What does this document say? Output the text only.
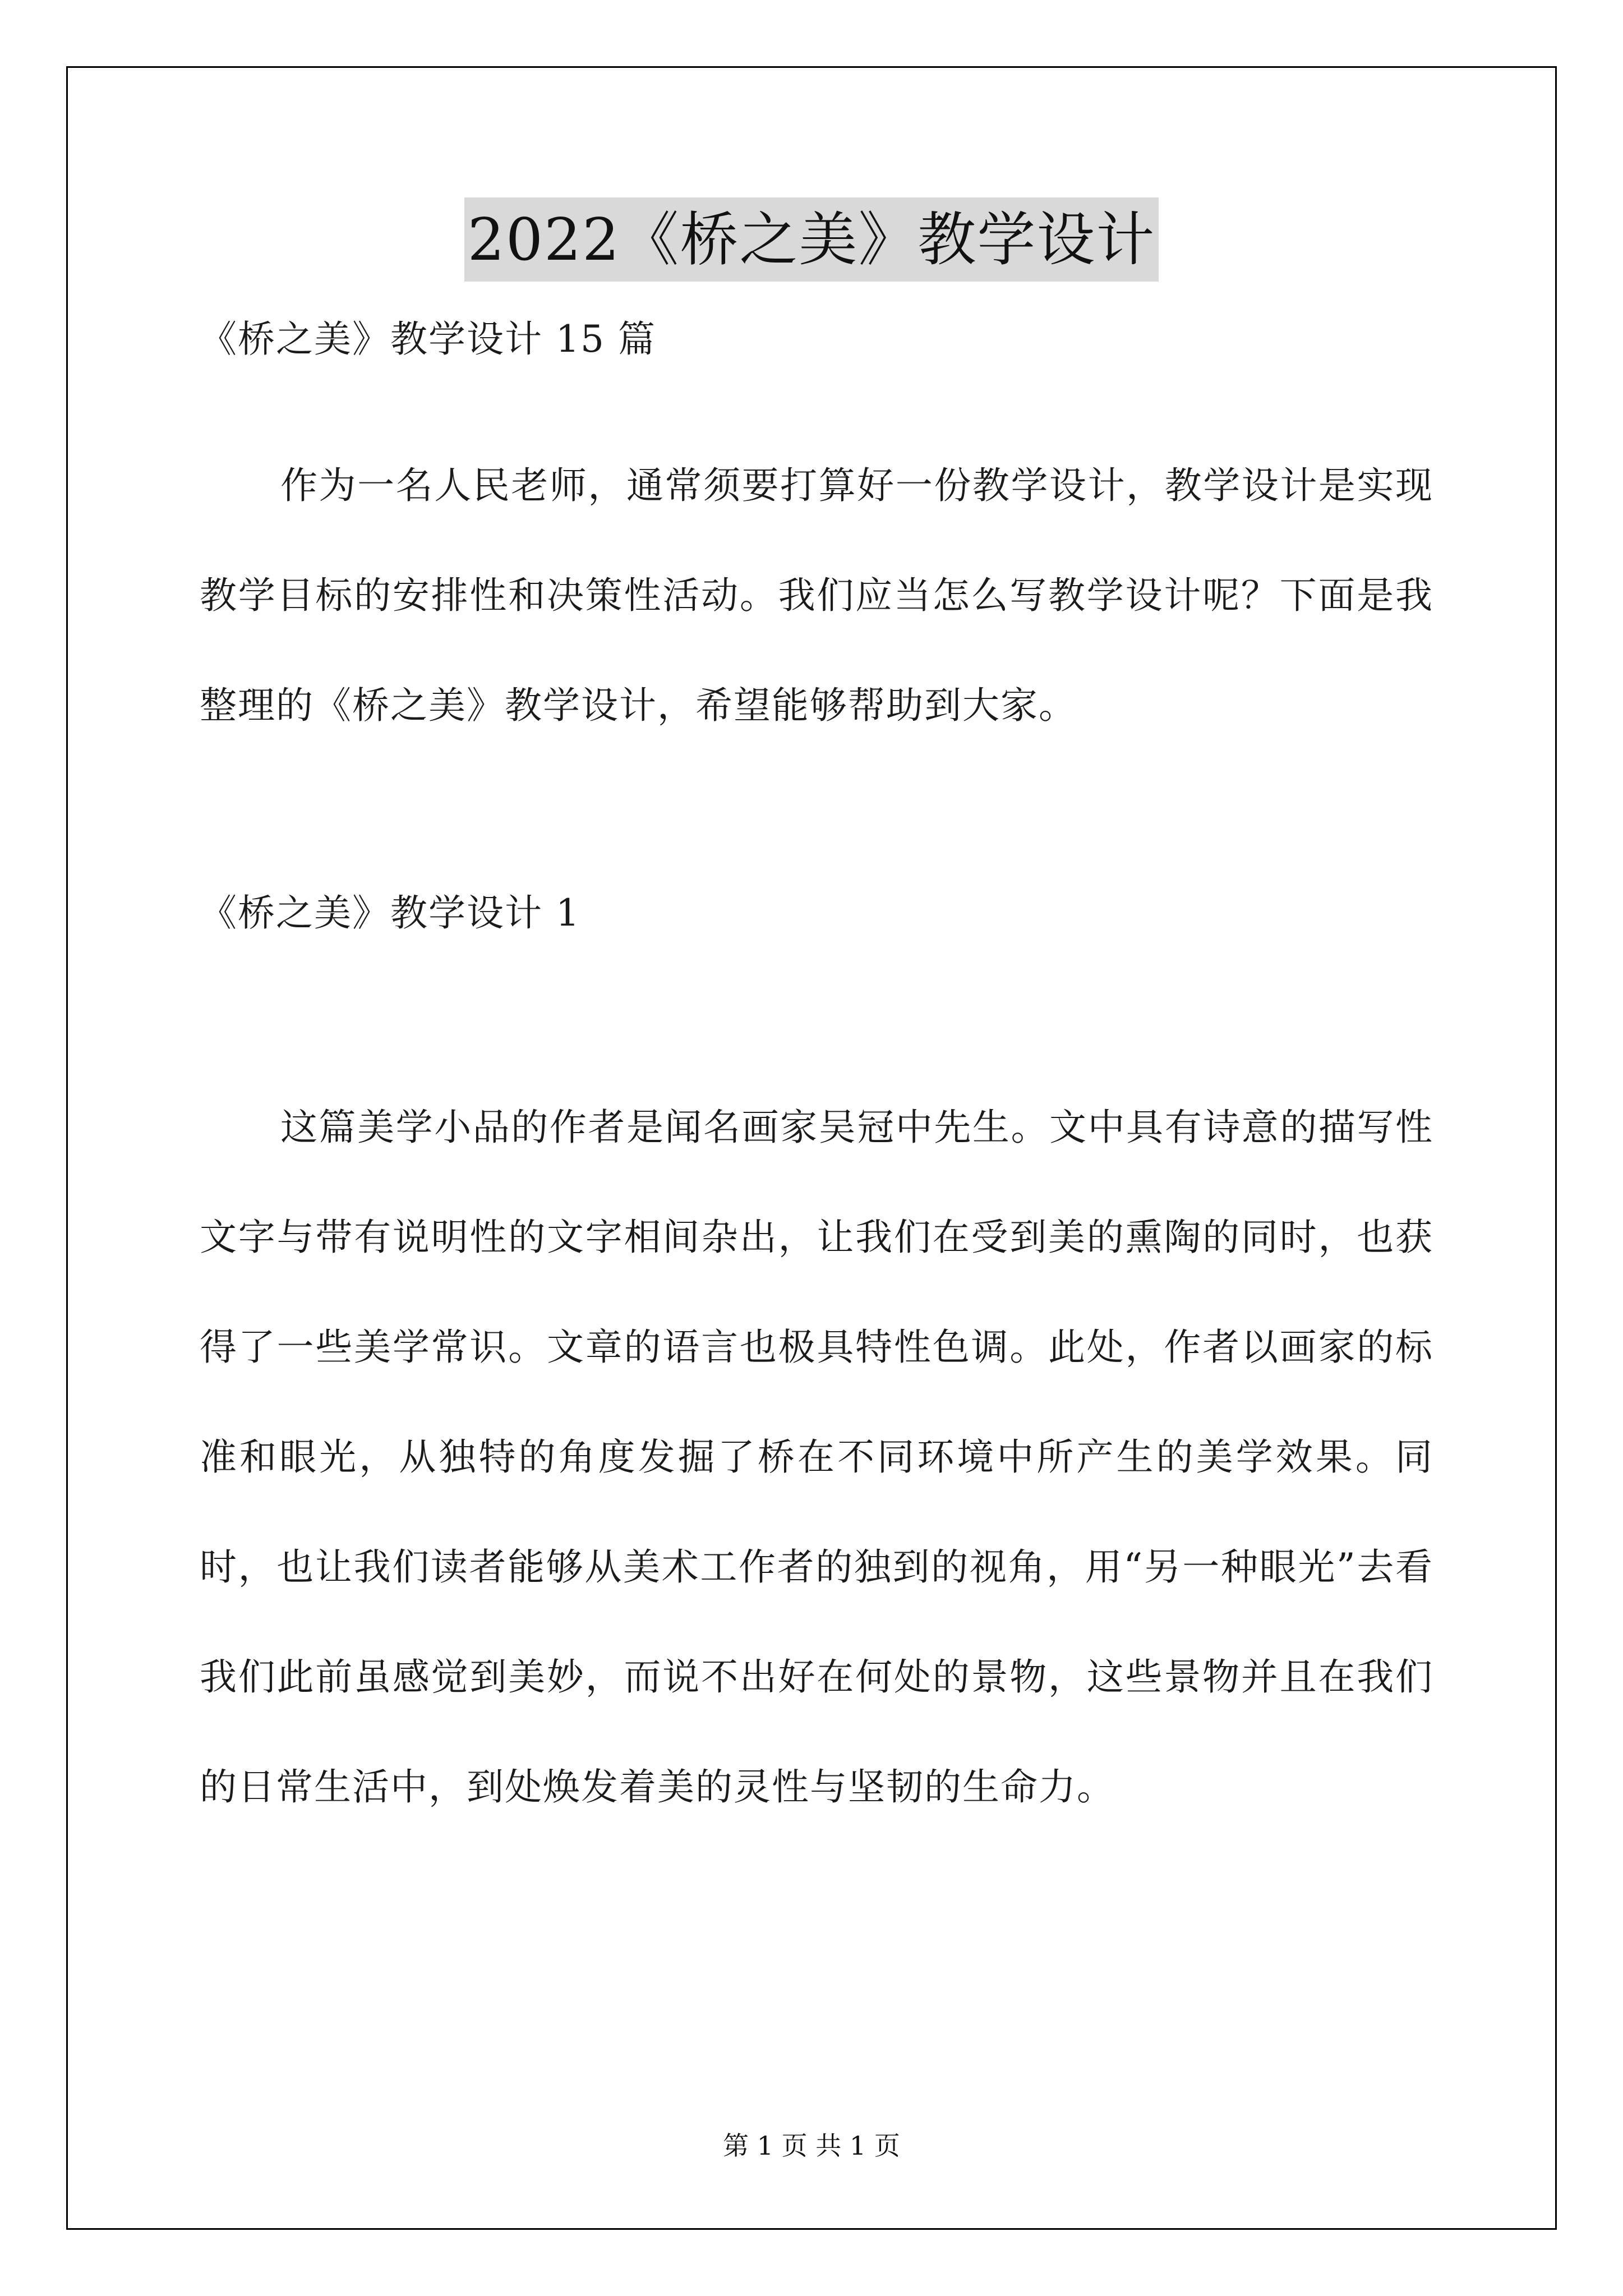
2022《桥之美》教学设计
《桥之美》教学设计 15 篇
作为一名人民老师，通常须要打算好一份教学设计，教学设计是实现教学目标的安排性和决策性活动。我们应当怎么写教学设计呢？下面是我整理的《桥之美》教学设计，希望能够帮助到大家。
《桥之美》教学设计 1
这篇美学小品的作者是闻名画家吴冠中先生。文中具有诗意的描写性文字与带有说明性的文字相间杂出，让我们在受到美的熏陶的同时，也获得了一些美学常识。文章的语言也极具特性色调。此处，作者以画家的标准和眼光，从独特的角度发掘了桥在不同环境中所产生的美学效果。同时，也让我们读者能够从美术工作者的独到的视角，用“另一种眼光”去看我们此前虽感觉到美妙，而说不出好在何处的景物，这些景物并且在我们的日常生活中，到处焕发着美的灵性与坚韧的生命力。
第 1 页 共 1 页
